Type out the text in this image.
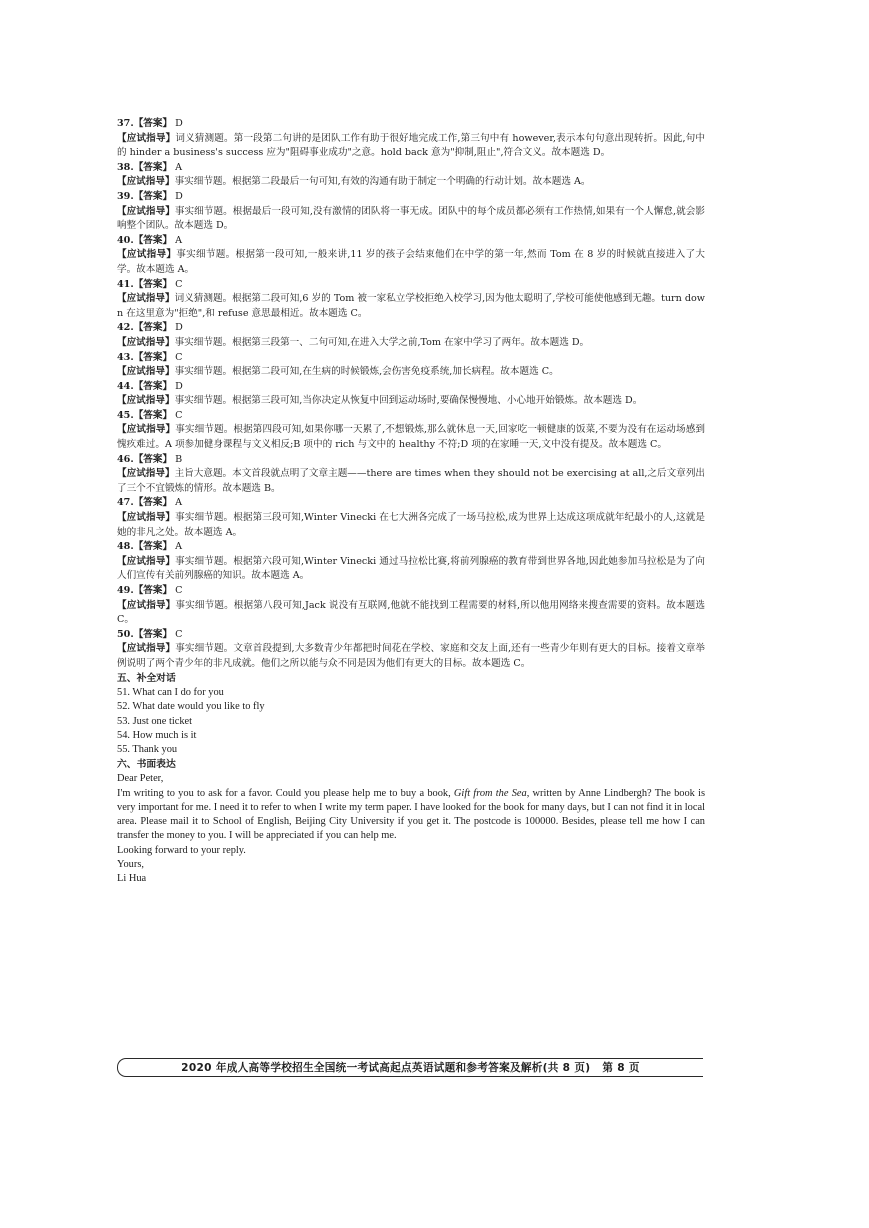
37.【答案】 D
【应试指导】词义猜测题。第一段第二句讲的是团队工作有助于很好地完成工作,第三句中有 however,表示本句句意出现转折。因此,句中的 hinder a business's success 应为"阻碍事业成功"之意。hold back 意为"抑制,阻止",符合文义。故本题选 D。
38.【答案】 A
【应试指导】事实细节题。根据第二段最后一句可知,有效的沟通有助于制定一个明确的行动计划。故本题选 A。
39.【答案】 D
【应试指导】事实细节题。根据最后一段可知,没有激情的团队将一事无成。团队中的每个成员都必须有工作热情,如果有一个人懈怠,就会影响整个团队。故本题选 D。
40.【答案】 A
【应试指导】事实细节题。根据第一段可知,一般来讲,11 岁的孩子会结束他们在中学的第一年,然而 Tom 在 8 岁的时候就直接进入了大学。故本题选 A。
41.【答案】 C
【应试指导】词义猜测题。根据第二段可知,6 岁的 Tom 被一家私立学校拒绝入校学习,因为他太聪明了,学校可能使他感到无趣。turn down 在这里意为"拒绝",和 refuse 意思最相近。故本题选 C。
42.【答案】 D
【应试指导】事实细节题。根据第三段第一、二句可知,在进入大学之前,Tom 在家中学习了两年。故本题选 D。
43.【答案】 C
【应试指导】事实细节题。根据第二段可知,在生病的时候锻炼,会伤害免疫系统,加长病程。故本题选 C。
44.【答案】 D
【应试指导】事实细节题。根据第三段可知,当你决定从恢复中回到运动场时,要确保慢慢地、小心地开始锻炼。故本题选 D。
45.【答案】 C
【应试指导】事实细节题。根据第四段可知,如果你哪一天累了,不想锻炼,那么就休息一天,回家吃一顿健康的饭菜,不要为没有在运动场感到愧疚难过。A 项参加健身课程与文义相反;B 项中的 rich 与文中的 healthy 不符;D 项的在家睡一天,文中没有提及。故本题选 C。
46.【答案】 B
【应试指导】主旨大意题。本文首段就点明了文章主题——there are times when they should not be exercising at all,之后文章列出了三个不宜锻炼的情形。故本题选 B。
47.【答案】 A
【应试指导】事实细节题。根据第三段可知,Winter Vinecki 在七大洲各完成了一场马拉松,成为世界上达成这项成就年纪最小的人,这就是她的非凡之处。故本题选 A。
48.【答案】 A
【应试指导】事实细节题。根据第六段可知,Winter Vinecki 通过马拉松比赛,将前列腺癌的教育带到世界各地,因此她参加马拉松是为了向人们宣传有关前列腺癌的知识。故本题选 A。
49.【答案】 C
【应试指导】事实细节题。根据第八段可知,Jack 说没有互联网,他就不能找到工程需要的材料,所以他用网络来搜查需要的资料。故本题选 C。
50.【答案】 C
【应试指导】事实细节题。文章首段提到,大多数青少年都把时间花在学校、家庭和交友上面,还有一些青少年则有更大的目标。接着文章举例说明了两个青少年的非凡成就。他们之所以能与众不同是因为他们有更大的目标。故本题选 C。

五、补全对话

51. What can I do for you
52. What date would you like to fly
53. Just one ticket
54. How much is it
55. Thank you

六、书面表达

Dear Peter,

I'm writing to you to ask for a favor. Could you please help me to buy a book, Gift from the Sea, written by Anne Lindbergh? The book is very important for me. I need it to refer to when I write my term paper. I have looked for the book for many days, but I can not find it in local area. Please mail it to School of English, Beijing City University if you get it. The postcode is 100000. Besides, please tell me how I can transfer the money to you. I will be appreciated if you can help me.

Looking forward to your reply.

Yours,

Li Hua

2020 年成人高等学校招生全国统一考试高起点英语试题和参考答案及解析(共 8 页) 第 8 页
